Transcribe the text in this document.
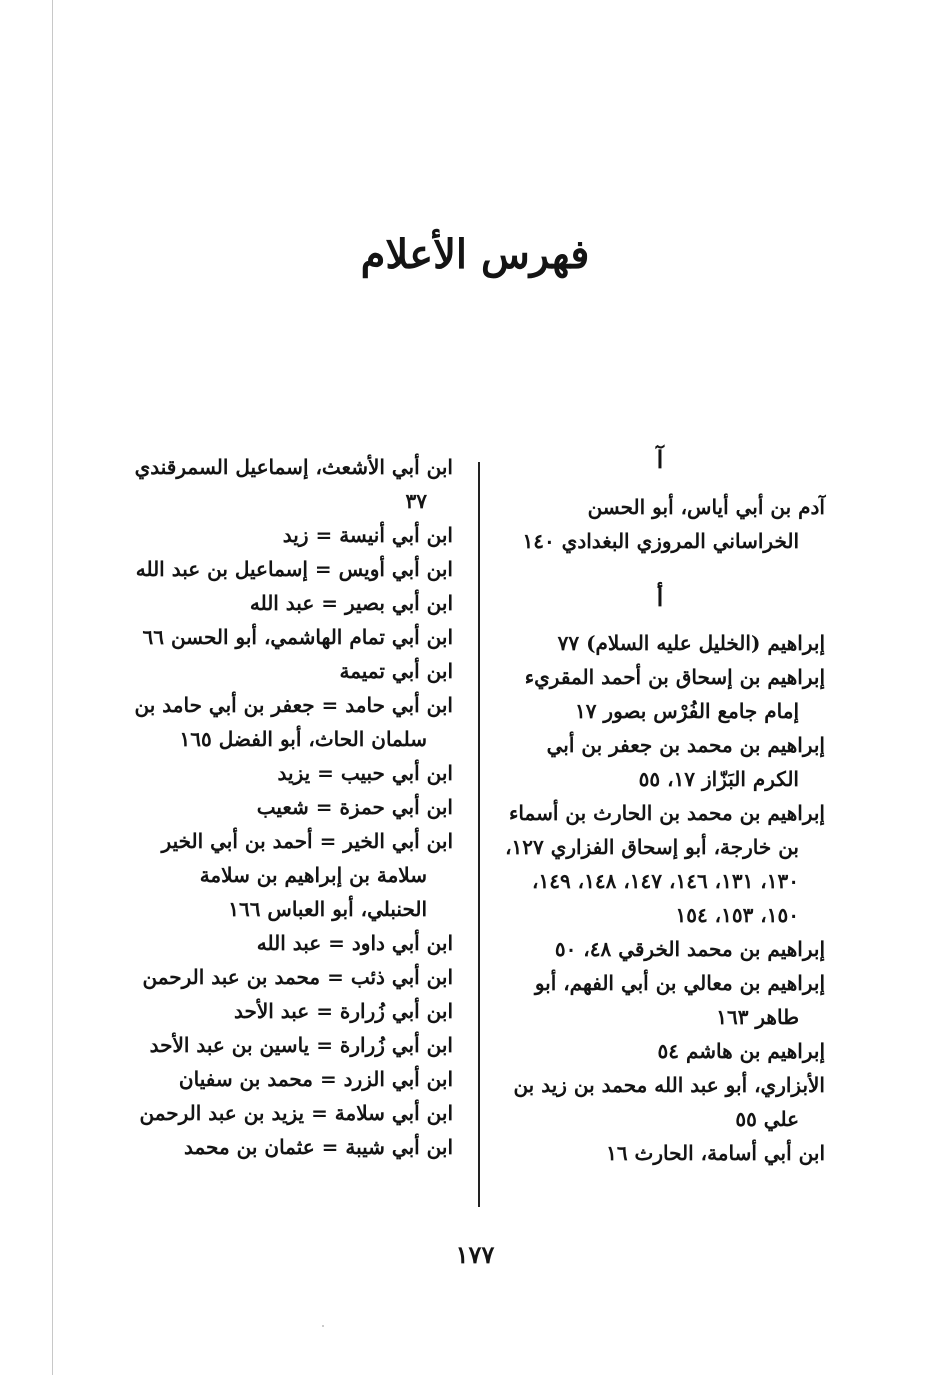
فهرس الأعلام
آ

آدم بن أبي أياس، أبو الحسن الخراساني المروزي البغدادي ١٤٠

أ

إبراهيم (الخليل عليه السلام) ٧٧

إبراهيم بن إسحاق بن أحمد المقريء إمام جامع الفُرْس بصور ١٧

إبراهيم بن محمد بن جعفر بن أبي الكرم البَزّاز ١٧، ٥٥

إبراهيم بن محمد بن الحارث بن أسماء بن خارجة، أبو إسحاق الفزاري ١٢٧، ١٣٠، ١٣١، ١٤٦، ١٤٧، ١٤٨، ١٤٩، ١٥٠، ١٥٣، ١٥٤

إبراهيم بن محمد الخرقي ٤٨، ٥٠

إبراهيم بن معالي بن أبي الفهم، أبو طاهر ١٦٣

إبراهيم بن هاشم ٥٤

الأبزاري، أبو عبد الله محمد بن زيد بن علي ٥٥

ابن أبي أسامة، الحارث ١٦

ابن أبي الأشعث، إسماعيل السمرقندي ٣٧

ابن أبي أنيسة = زيد

ابن أبي أويس = إسماعيل بن عبد الله

ابن أبي بصير = عبد الله

ابن أبي تمام الهاشمي، أبو الحسن ٦٦

ابن أبي تميمة

ابن أبي حامد = جعفر بن أبي حامد بن سلمان الحاث، أبو الفضل ١٦٥

ابن أبي حبيب = يزيد

ابن أبي حمزة = شعيب

ابن أبي الخير = أحمد بن أبي الخير سلامة بن إبراهيم بن سلامة الحنبلي، أبو العباس ١٦٦

ابن أبي داود = عبد الله

ابن أبي ذئب = محمد بن عبد الرحمن

ابن أبي زُرارة = عبد الأحد

ابن أبي زُرارة = ياسين بن عبد الأحد

ابن أبي الزرد = محمد بن سفيان

ابن أبي سلامة = يزيد بن عبد الرحمن

ابن أبي شيبة = عثمان بن محمد

١٧٧
